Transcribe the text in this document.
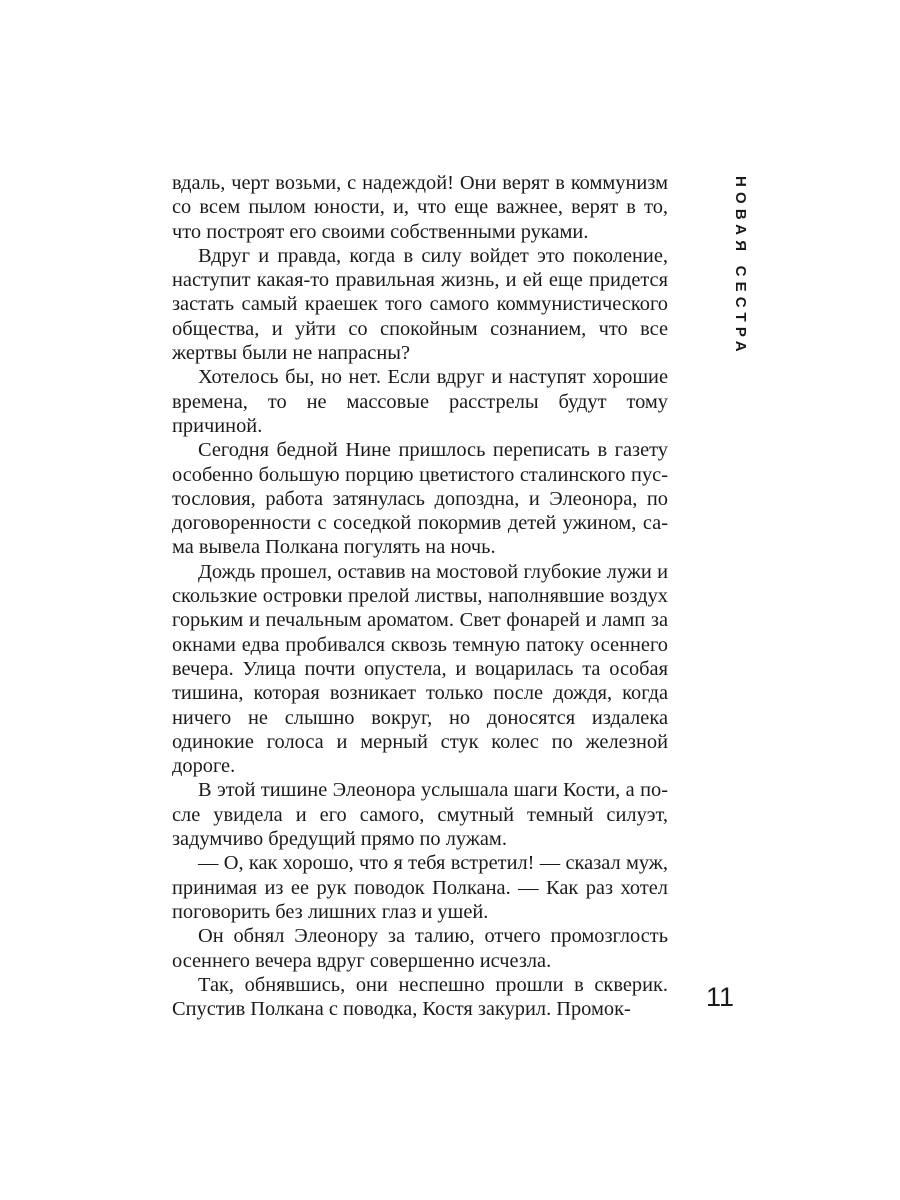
вдаль, черт возьми, с надеждой! Они верят в коммунизм со всем пылом юности, и, что еще важнее, верят в то, что построят его своими собственными руками.

Вдруг и правда, когда в силу войдет это поколение, наступит какая-то правильная жизнь, и ей еще придется застать самый краешек того самого коммунистического общества, и уйти со спокойным сознанием, что все жертвы были не напрасны?

Хотелось бы, но нет. Если вдруг и наступят хорошие времена, то не массовые расстрелы будут тому причиной.

Сегодня бедной Нине пришлось переписать в газету особенно большую порцию цветистого сталинского пустословия, работа затянулась допоздна, и Элеонора, по договоренности с соседкой покормив детей ужином, сама вывела Полкана погулять на ночь.

Дождь прошел, оставив на мостовой глубокие лужи и скользкие островки прелой листвы, наполнявшие воздух горьким и печальным ароматом. Свет фонарей и ламп за окнами едва пробивался сквозь темную патоку осеннего вечера. Улица почти опустела, и воцарилась та особая тишина, которая возникает только после дождя, когда ничего не слышно вокруг, но доносятся издалека одинокие голоса и мерный стук колес по железной дороге.

В этой тишине Элеонора услышала шаги Кости, а после увидела и его самого, смутный темный силуэт, задумчиво бредущий прямо по лужам.

— О, как хорошо, что я тебя встретил! — сказал муж, принимая из ее рук поводок Полкана. — Как раз хотел поговорить без лишних глаз и ушей.

Он обнял Элеонору за талию, отчего промозглость осеннего вечера вдруг совершенно исчезла.

Так, обнявшись, они неспешно прошли в скверик. Спустив Полкана с поводка, Костя закурил. Промок-

НОВАЯ СЕСТРА
11
